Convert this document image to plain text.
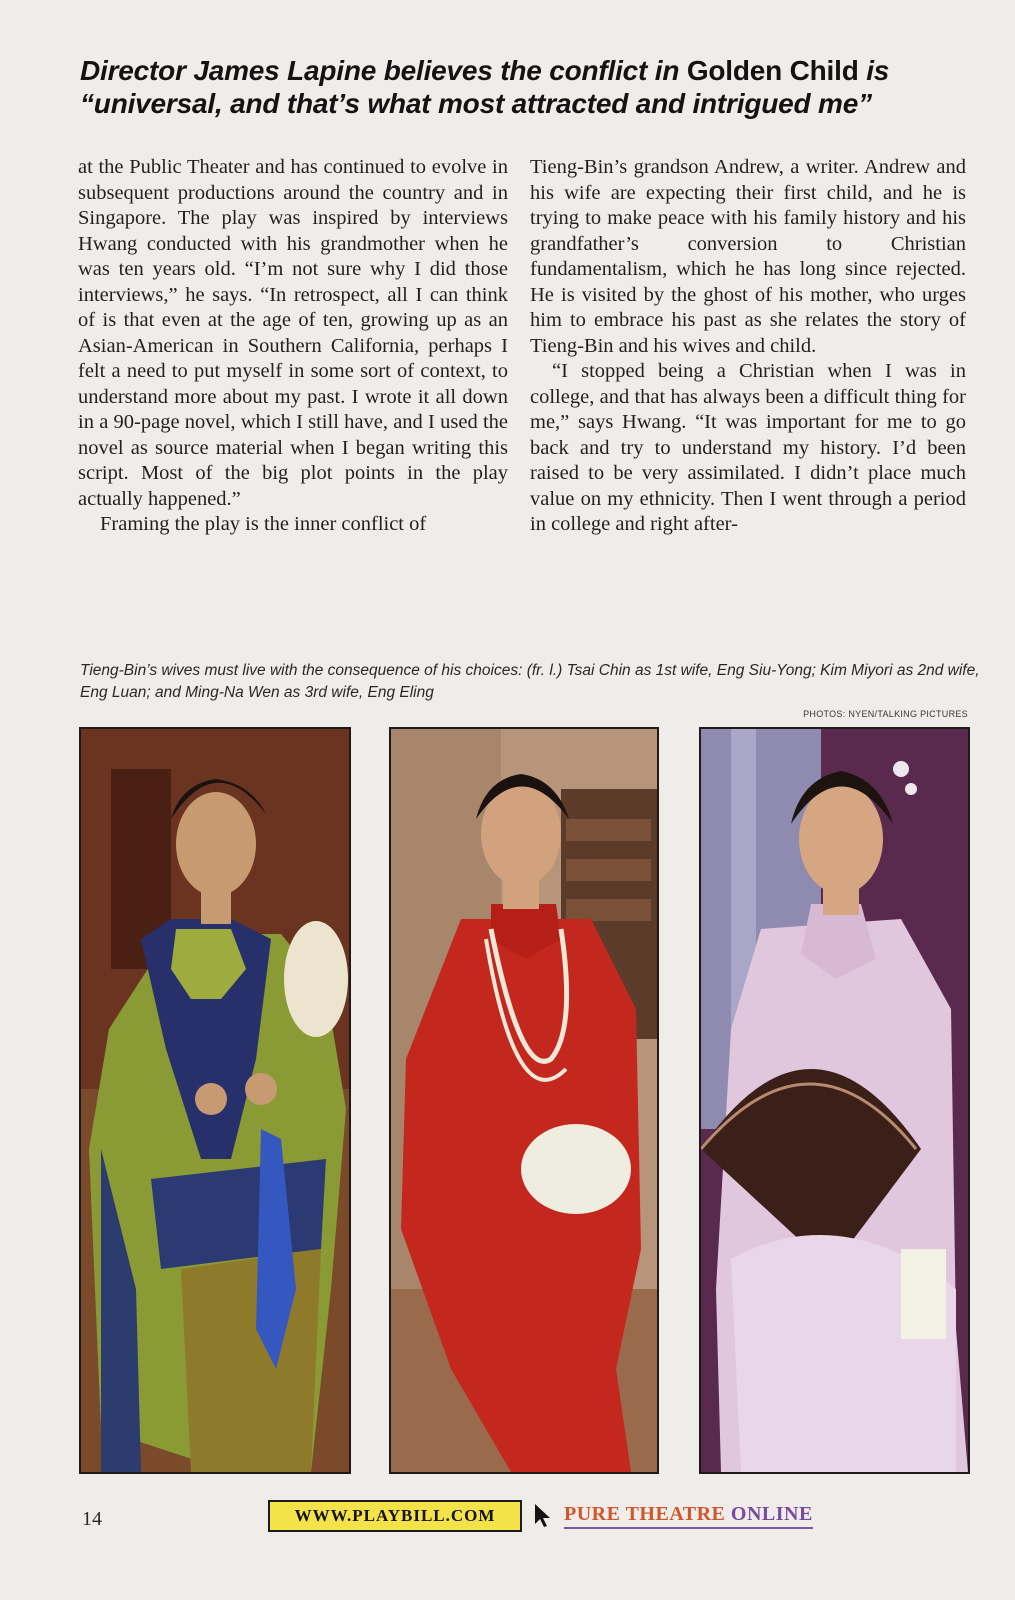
Director James Lapine believes the conflict in Golden Child is
“universal, and that’s what most attracted and intrigued me”

at the Public Theater and has continued to evolve in subsequent productions around the country and in Singapore. The play was inspired by interviews Hwang conducted with his grandmother when he was ten years old. “I’m not sure why I did those interviews,” he says. “In retrospect, all I can think of is that even at the age of ten, growing up as an Asian-American in Southern California, perhaps I felt a need to put myself in some sort of context, to understand more about my past. I wrote it all down in a 90-page novel, which I still have, and I used the novel as source material when I began writing this script. Most of the big plot points in the play actually happened.”

Framing the play is the inner conflict of

Tieng-Bin’s grandson Andrew, a writer. Andrew and his wife are expecting their first child, and he is trying to make peace with his family history and his grandfather’s conversion to Christian fundamentalism, which he has long since rejected. He is visited by the ghost of his mother, who urges him to embrace his past as she relates the story of Tieng-Bin and his wives and child.

“I stopped being a Christian when I was in college, and that has always been a difficult thing for me,” says Hwang. “It was important for me to go back and try to understand my history. I’d been raised to be very assimilated. I didn’t place much value on my ethnicity. Then I went through a period in college and right after-

Tieng-Bin’s wives must live with the consequence of his choices: (fr. l.) Tsai Chin as 1st wife, Eng Siu-Yong; Kim Miyori as 2nd wife, Eng Luan; and Ming-Na Wen as 3rd wife, Eng Eling
PHOTOS: NYEN/TALKING PICTURES
14	WWW.PLAYBILL.COM	PURE THEATRE ONLINE
